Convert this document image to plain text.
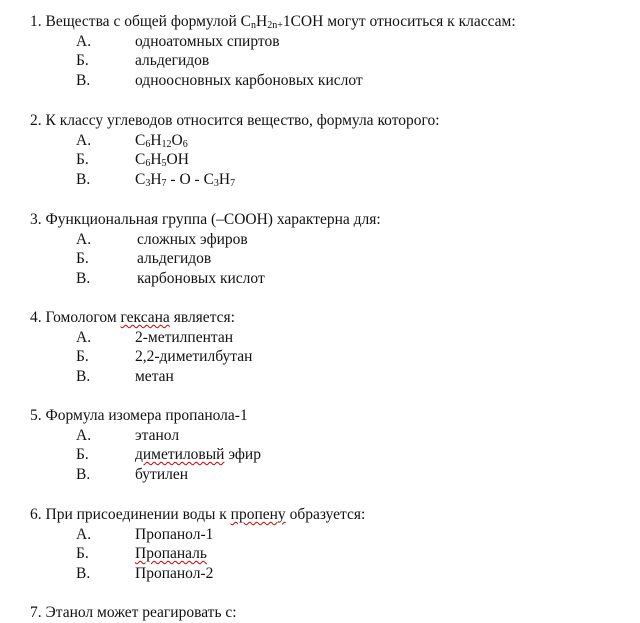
1. Вещества с общей формулой $C_nH_{2n+}1COH$ могут относиться к классам:
А.	одноатомных спиртов
Б.	альдегидов
В.	одноосновных карбоновых кислот
2. К классу углеводов относится вещество, формула которого:
А.	$C_6H_{12}O_6$
Б.	$C_6H_5OH$
В.	$C_3H_7$ - O - $C_3H_7$
3. Функциональная группа (–COOH) характерна для:
А.	сложных эфиров
Б.	альдегидов
В.	карбоновых кислот
4. Гомологом гексана является:
А.	2-метилпентан
Б.	2,2-диметилбутан
В.	метан
5. Формула изомера пропанола-1
А.	этанол
Б.	диметиловый эфир
В.	бутилен
6. При присоединении воды к пропену образуется:
А.	Пропанол-1
Б.	Пропаналь
В.	Пропанол-2
7. Этанол может реагировать с:
